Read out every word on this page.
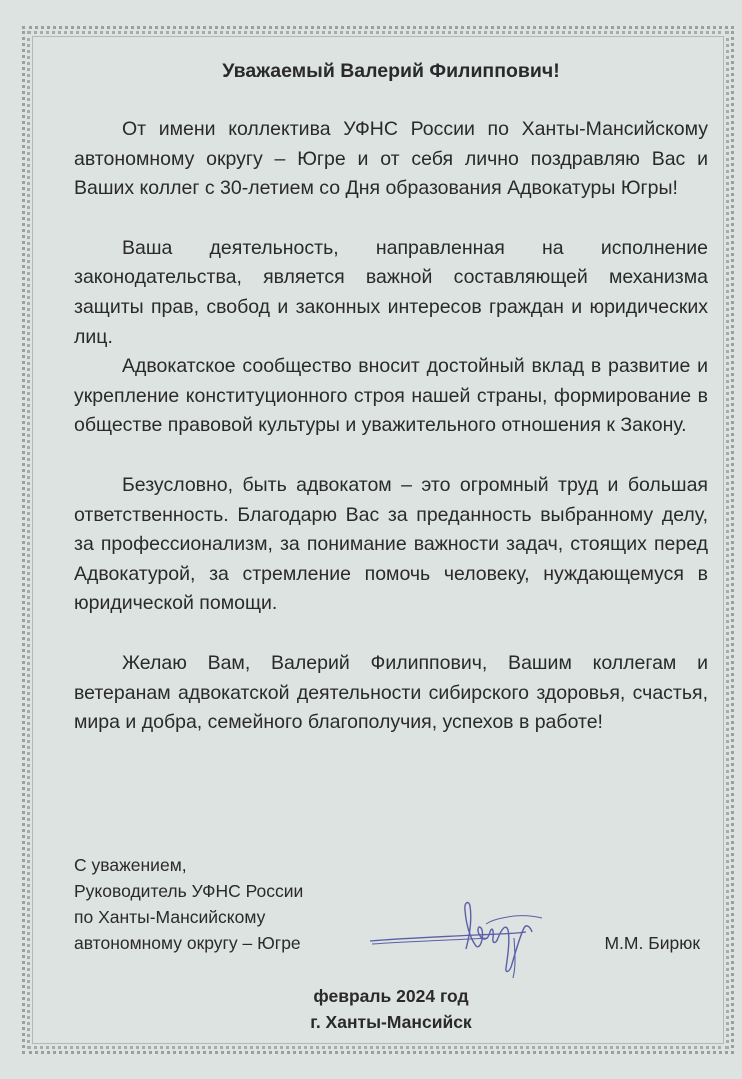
Уважаемый Валерий Филиппович!

От имени коллектива УФНС России по Ханты-Мансийскому автономному округу – Югре и от себя лично поздравляю Вас и Ваших коллег с 30-летием со Дня образования Адвокатуры Югры!

Ваша деятельность, направленная на исполнение законодательства, является важной составляющей механизма защиты прав, свобод и законных интересов граждан и юридических лиц.

Адвокатское сообщество вносит достойный вклад в развитие и укрепление конституционного строя нашей страны, формирование в обществе правовой культуры и уважительного отношения к Закону.

Безусловно, быть адвокатом – это огромный труд и большая ответственность. Благодарю Вас за преданность выбранному делу, за профессионализм, за понимание важности задач, стоящих перед Адвокатурой, за стремление помочь человеку, нуждающемуся в юридической помощи.

Желаю Вам, Валерий Филиппович, Вашим коллегам и ветеранам адвокатской деятельности сибирского здоровья, счастья, мира и добра, семейного благополучия, успехов в работе!

С уважением,
Руководитель УФНС России
по Ханты-Мансийскому
автономному округу – Югре	М.М. Бирюк
февраль 2024 год
г. Ханты-Мансийск
